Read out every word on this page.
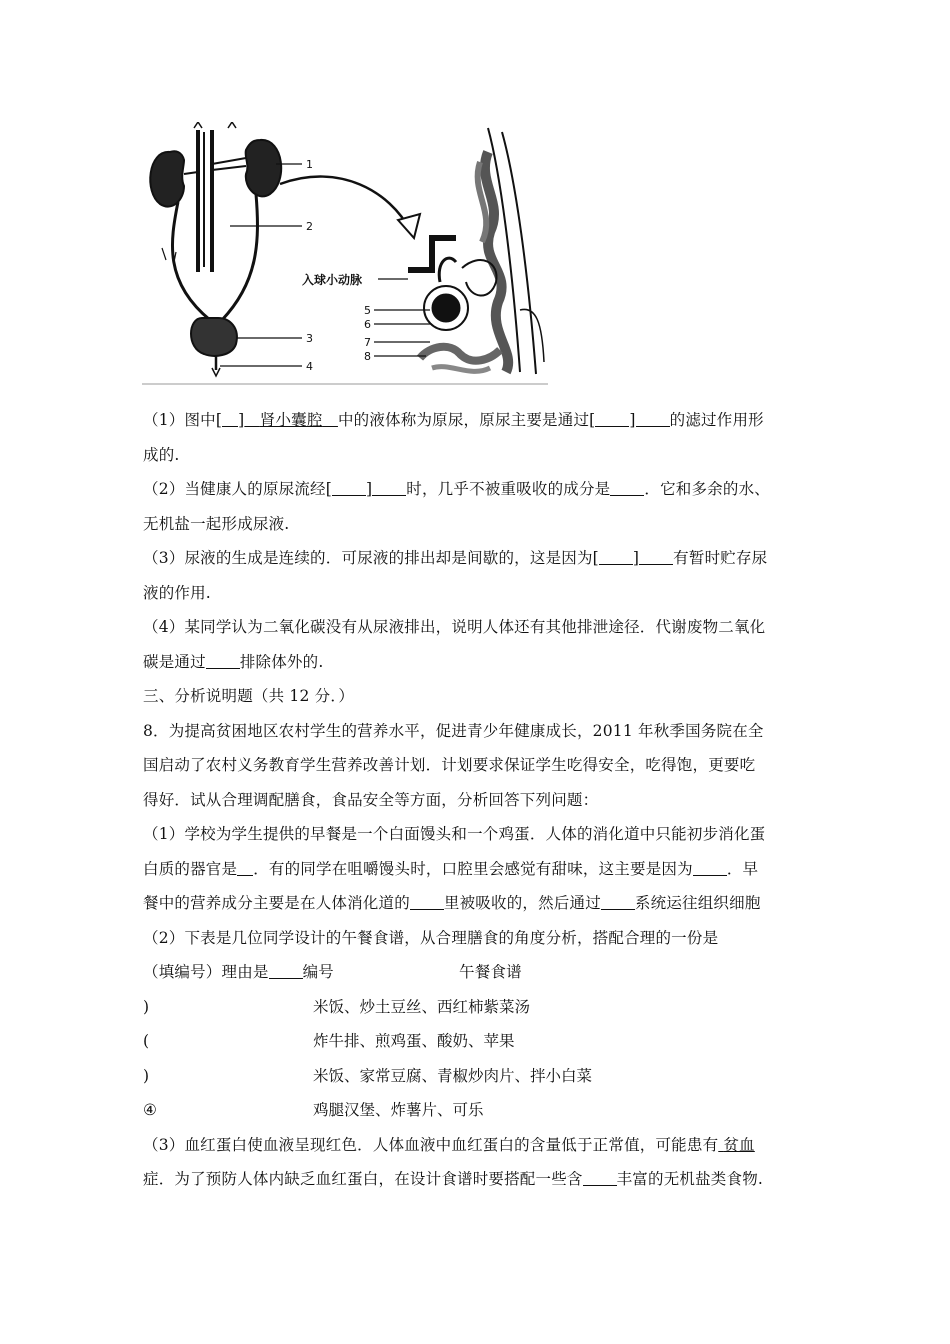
1
2
3
4
入球小动脉
5
6
7
8
（1）图中[ ] 肾小囊腔 中的液体称为原尿，原尿主要是通过[ ] 的滤过作用形
成的.
（2）当健康人的原尿流经[ ] 时，几乎不被重吸收的成分是 ．它和多余的水、
无机盐一起形成尿液.
（3）尿液的生成是连续的．可尿液的排出却是间歇的，这是因为[ ] 有暂时贮存尿
液的作用.
（4）某同学认为二氧化碳没有从尿液排出，说明人体还有其他排泄途径．代谢废物二氧化
碳是通过 排除体外的.
三、分析说明题（共 12 分．）
8．为提高贫困地区农村学生的营养水平，促进青少年健康成长，2011 年秋季国务院在全
国启动了农村义务教育学生营养改善计划．计划要求保证学生吃得安全，吃得饱，更要吃
得好．试从合理调配膳食，食品安全等方面，分析回答下列问题：
（1）学校为学生提供的早餐是一个白面馒头和一个鸡蛋．人体的消化道中只能初步消化蛋
白质的器官是 ．有的同学在咀嚼馒头时，口腔里会感觉有甜味，这主要是因为 ．早
餐中的营养成分主要是在人体消化道的 里被吸收的，然后通过 系统运往组织细胞
（2）下表是几位同学设计的午餐食谱，从合理膳食的角度分析，搭配合理的一份是
（填编号）理由是 编号	午餐食谱
)	米饭、炒土豆丝、西红柿紫菜汤
(	炸牛排、煎鸡蛋、酸奶、苹果
)	米饭、家常豆腐、青椒炒肉片、拌小白菜
④	鸡腿汉堡、炸薯片、可乐
（3）血红蛋白使血液呈现红色．人体血液中血红蛋白的含量低于正常值，可能患有 贫血
症．为了预防人体内缺乏血红蛋白，在设计食谱时要搭配一些含 丰富的无机盐类食物.
